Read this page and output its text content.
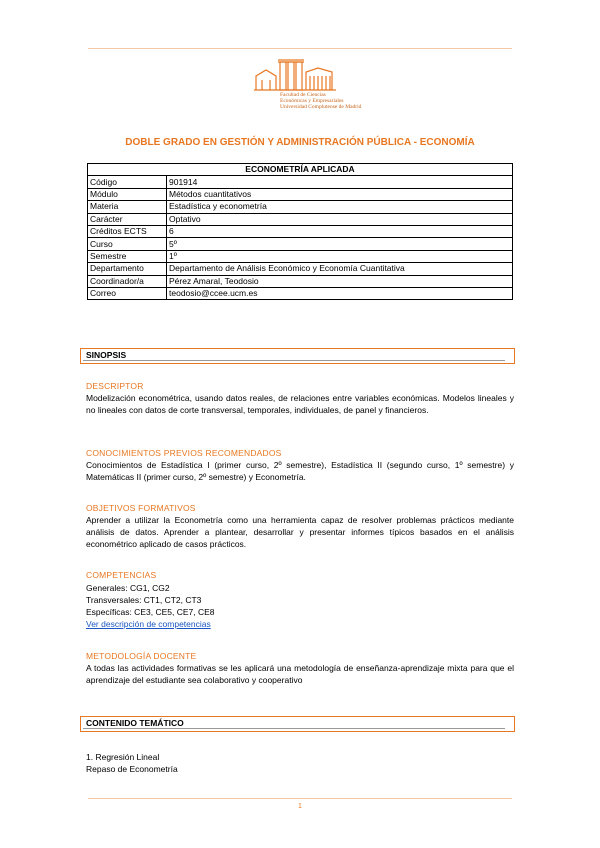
Facultad de Ciencias
Económicas y Empresariales
Universidad Complutense de Madrid
DOBLE GRADO EN GESTIÓN Y ADMINISTRACIÓN PÚBLICA - ECONOMÍA
ECONOMETRÍA APLICADA	
Código	901914
Módulo	Métodos cuantitativos
Materia	Estadística y econometría
Carácter	Optativo
Créditos ECTS	6
Curso	5º
Semestre	1º
Departamento	Departamento de Análisis Económico y Economía Cuantitativa
Coordinador/a	Pérez Amaral, Teodosio
Correo	teodosio@ccee.ucm.es
SINOPSIS
DESCRIPTOR
Modelización econométrica, usando datos reales, de relaciones entre variables económicas. Modelos lineales y no lineales con datos de corte transversal, temporales, individuales, de panel y financieros.
CONOCIMIENTOS PREVIOS RECOMENDADOS
Conocimientos de Estadística I (primer curso, 2º semestre), Estadística II (segundo curso, 1º semestre) y Matemáticas II (primer curso, 2º semestre) y Econometría.
OBJETIVOS FORMATIVOS
Aprender a utilizar la Econometría como una herramienta capaz de resolver problemas prácticos mediante análisis de datos. Aprender a plantear, desarrollar y presentar informes típicos basados en el análisis econométrico aplicado de casos prácticos.
COMPETENCIAS
Generales: CG1, CG2
Transversales: CT1, CT2, CT3
Específicas: CE3, CE5, CE7, CE8
Ver descripción de competencias
METODOLOGÍA DOCENTE
A todas las actividades formativas se les aplicará una metodología de enseñanza-aprendizaje mixta para que el aprendizaje del estudiante sea colaborativo y cooperativo
CONTENIDO TEMÁTICO
1. Regresión Lineal
Repaso de Econometría
1
